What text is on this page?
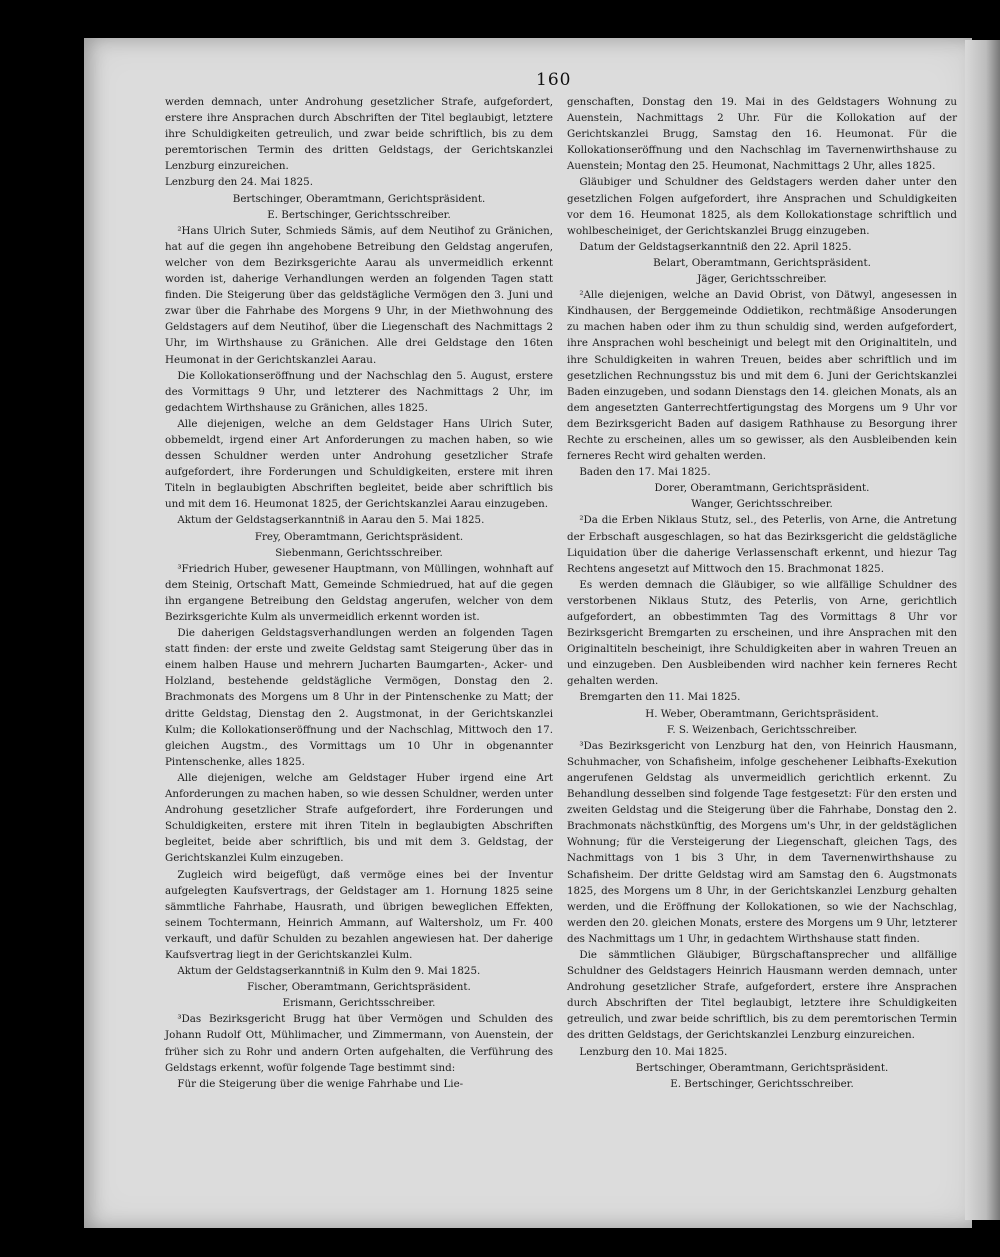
160

werden demnach, unter Androhung gesetzlicher Strafe, aufgefordert, erstere ihre Ansprachen durch Abschriften der Titel beglaubigt, letztere ihre Schuldigkeiten getreulich, und zwar beide schriftlich, bis zu dem peremtorischen Termin des dritten Geldstags, der Gerichtskanzlei Lenzburg einzureichen.

Lenzburg den 24. Mai 1825.

Bertschinger, Oberamtmann, Gerichtspräsident.

E. Bertschinger, Gerichtsschreiber.

²Hans Ulrich Suter, Schmieds Sämis, auf dem Neutihof zu Gränichen, hat auf die gegen ihn angehobene Betreibung den Geldstag angerufen, welcher von dem Bezirksgerichte Aarau als unvermeidlich erkennt worden ist, daherige Verhandlungen werden an folgenden Tagen statt finden. Die Steigerung über das geldstägliche Vermögen den 3. Juni und zwar über die Fahrhabe des Morgens 9 Uhr, in der Miethwohnung des Geldstagers auf dem Neutihof, über die Liegenschaft des Nachmittags 2 Uhr, im Wirthshause zu Gränichen. Alle drei Geldstage den 16ten Heumonat in der Gerichtskanzlei Aarau.

Die Kollokationseröffnung und der Nachschlag den 5. August, erstere des Vormittags 9 Uhr, und letzterer des Nachmittags 2 Uhr, im gedachtem Wirthshause zu Gränichen, alles 1825.

Alle diejenigen, welche an dem Geldstager Hans Ulrich Suter, obbemeldt, irgend einer Art Anforderungen zu machen haben, so wie dessen Schuldner werden unter Androhung gesetzlicher Strafe aufgefordert, ihre Forderungen und Schuldigkeiten, erstere mit ihren Titeln in beglaubigten Abschriften begleitet, beide aber schriftlich bis und mit dem 16. Heumonat 1825, der Gerichtskanzlei Aarau einzugeben.

Aktum der Geldstagserkanntniß in Aarau den 5. Mai 1825.

Frey, Oberamtmann, Gerichtspräsident.

Siebenmann, Gerichtsschreiber.

³Friedrich Huber, gewesener Hauptmann, von Müllingen, wohnhaft auf dem Steinig, Ortschaft Matt, Gemeinde Schmiedrued, hat auf die gegen ihn ergangene Betreibung den Geldstag angerufen, welcher von dem Bezirksgerichte Kulm als unvermeidlich erkennt worden ist.

Die daherigen Geldstagsverhandlungen werden an folgenden Tagen statt finden: der erste und zweite Geldstag samt Steigerung über das in einem halben Hause und mehrern Jucharten Baumgarten-, Acker- und Holzland, bestehende geldstägliche Vermögen, Donstag den 2. Brachmonats des Morgens um 8 Uhr in der Pintenschenke zu Matt; der dritte Geldstag, Dienstag den 2. Augstmonat, in der Gerichtskanzlei Kulm; die Kollokationseröffnung und der Nachschlag, Mittwoch den 17. gleichen Augstm., des Vormittags um 10 Uhr in obgenannter Pintenschenke, alles 1825.

Alle diejenigen, welche am Geldstager Huber irgend eine Art Anforderungen zu machen haben, so wie dessen Schuldner, werden unter Androhung gesetzlicher Strafe aufgefordert, ihre Forderungen und Schuldigkeiten, erstere mit ihren Titeln in beglaubigten Abschriften begleitet, beide aber schriftlich, bis und mit dem 3. Geldstag, der Gerichtskanzlei Kulm einzugeben.

Zugleich wird beigefügt, daß vermöge eines bei der Inventur aufgelegten Kaufsvertrags, der Geldstager am 1. Hornung 1825 seine sämmtliche Fahrhabe, Hausrath, und übrigen beweglichen Effekten, seinem Tochtermann, Heinrich Ammann, auf Waltersholz, um Fr. 400 verkauft, und dafür Schulden zu bezahlen angewiesen hat. Der daherige Kaufsvertrag liegt in der Gerichtskanzlei Kulm.

Aktum der Geldstagserkanntniß in Kulm den 9. Mai 1825.

Fischer, Oberamtmann, Gerichtspräsident.

Erismann, Gerichtsschreiber.

³Das Bezirksgericht Brugg hat über Vermögen und Schulden des Johann Rudolf Ott, Mühlimacher, und Zimmermann, von Auenstein, der früher sich zu Rohr und andern Orten aufgehalten, die Verführung des Geldstags erkennt, wofür folgende Tage bestimmt sind:

Für die Steigerung über die wenige Fahrhabe und Lie-

genschaften, Donstag den 19. Mai in des Geldstagers Wohnung zu Auenstein, Nachmittags 2 Uhr. Für die Kollokation auf der Gerichtskanzlei Brugg, Samstag den 16. Heumonat. Für die Kollokationseröffnung und den Nachschlag im Tavernenwirthshause zu Auenstein; Montag den 25. Heumonat, Nachmittags 2 Uhr, alles 1825.

Gläubiger und Schuldner des Geldstagers werden daher unter den gesetzlichen Folgen aufgefordert, ihre Ansprachen und Schuldigkeiten vor dem 16. Heumonat 1825, als dem Kollokationstage schriftlich und wohlbescheiniget, der Gerichtskanzlei Brugg einzugeben.

Datum der Geldstagserkanntniß den 22. April 1825.

Belart, Oberamtmann, Gerichtspräsident.

Jäger, Gerichtsschreiber.

²Alle diejenigen, welche an David Obrist, von Dätwyl, angesessen in Kindhausen, der Berggemeinde Oddietikon, rechtmäßige Ansoderungen zu machen haben oder ihm zu thun schuldig sind, werden aufgefordert, ihre Ansprachen wohl bescheinigt und belegt mit den Originaltiteln, und ihre Schuldigkeiten in wahren Treuen, beides aber schriftlich und im gesetzlichen Rechnungsstuz bis und mit dem 6. Juni der Gerichtskanzlei Baden einzugeben, und sodann Dienstags den 14. gleichen Monats, als an dem angesetzten Ganterrechtfertigungstag des Morgens um 9 Uhr vor dem Bezirksgericht Baden auf dasigem Rathhause zu Besorgung ihrer Rechte zu erscheinen, alles um so gewisser, als den Ausbleibenden kein ferneres Recht wird gehalten werden.

Baden den 17. Mai 1825.

Dorer, Oberamtmann, Gerichtspräsident.

Wanger, Gerichtsschreiber.

²Da die Erben Niklaus Stutz, sel., des Peterlis, von Arne, die Antretung der Erbschaft ausgeschlagen, so hat das Bezirksgericht die geldstägliche Liquidation über die daherige Verlassenschaft erkennt, und hiezur Tag Rechtens angesetzt auf Mittwoch den 15. Brachmonat 1825.

Es werden demnach die Gläubiger, so wie allfällige Schuldner des verstorbenen Niklaus Stutz, des Peterlis, von Arne, gerichtlich aufgefordert, an obbestimmten Tag des Vormittags 8 Uhr vor Bezirksgericht Bremgarten zu erscheinen, und ihre Ansprachen mit den Originaltiteln bescheinigt, ihre Schuldigkeiten aber in wahren Treuen an und einzugeben. Den Ausbleibenden wird nachher kein ferneres Recht gehalten werden.

Bremgarten den 11. Mai 1825.

H. Weber, Oberamtmann, Gerichtspräsident.

F. S. Weizenbach, Gerichtsschreiber.

³Das Bezirksgericht von Lenzburg hat den, von Heinrich Hausmann, Schuhmacher, von Schafisheim, infolge geschehener Leibhafts-Exekution angerufenen Geldstag als unvermeidlich gerichtlich erkennt. Zu Behandlung desselben sind folgende Tage festgesetzt: Für den ersten und zweiten Geldstag und die Steigerung über die Fahrhabe, Donstag den 2. Brachmonats nächstkünftig, des Morgens um's Uhr, in der geldstäglichen Wohnung; für die Versteigerung der Liegenschaft, gleichen Tags, des Nachmittags von 1 bis 3 Uhr, in dem Tavernenwirthshause zu Schafisheim. Der dritte Geldstag wird am Samstag den 6. Augstmonats 1825, des Morgens um 8 Uhr, in der Gerichtskanzlei Lenzburg gehalten werden, und die Eröffnung der Kollokationen, so wie der Nachschlag, werden den 20. gleichen Monats, erstere des Morgens um 9 Uhr, letzterer des Nachmittags um 1 Uhr, in gedachtem Wirthshause statt finden.

Die sämmtlichen Gläubiger, Bürgschaftansprecher und allfällige Schuldner des Geldstagers Heinrich Hausmann werden demnach, unter Androhung gesetzlicher Strafe, aufgefordert, erstere ihre Ansprachen durch Abschriften der Titel beglaubigt, letztere ihre Schuldigkeiten getreulich, und zwar beide schriftlich, bis zu dem peremtorischen Termin des dritten Geldstags, der Gerichtskanzlei Lenzburg einzureichen.

Lenzburg den 10. Mai 1825.

Bertschinger, Oberamtmann, Gerichtspräsident.

E. Bertschinger, Gerichtsschreiber.
